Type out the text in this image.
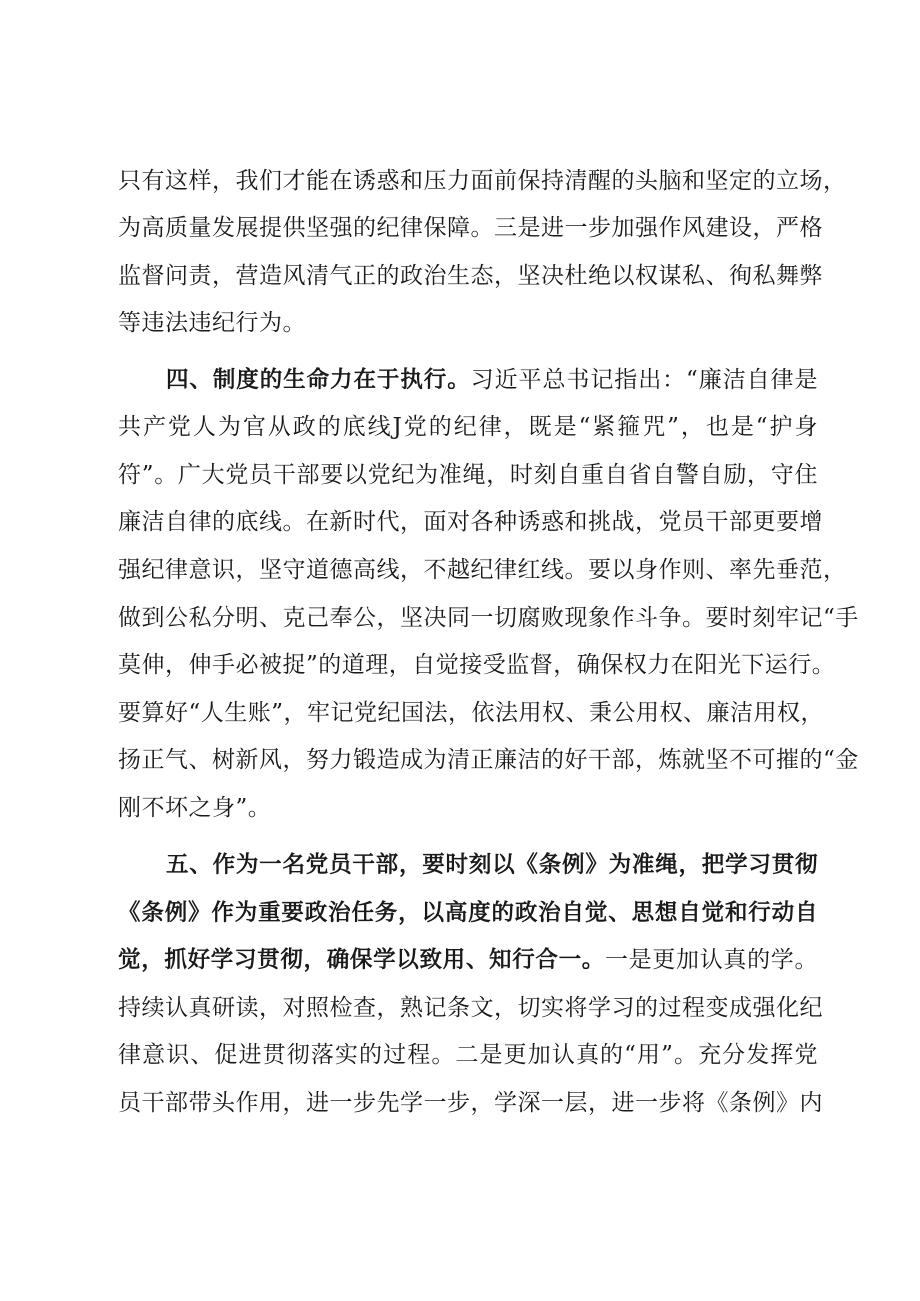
只有这样，我们才能在诱惑和压力面前保持清醒的头脑和坚定的立场，
为高质量发展提供坚强的纪律保障。三是进一步加强作风建设，严格
监督问责，营造风清气正的政治生态，坚决杜绝以权谋私、徇私舞弊
等违法违纪行为。
四、制度的生命力在于执行。习近平总书记指出：“廉洁自律是
共产党人为官从政的底线J党的纪律，既是“紧箍咒”，也是“护身
符”。广大党员干部要以党纪为准绳，时刻自重自省自警自励，守住
廉洁自律的底线。在新时代，面对各种诱惑和挑战，党员干部更要增
强纪律意识，坚守道德高线，不越纪律红线。要以身作则、率先垂范，
做到公私分明、克己奉公，坚决同一切腐败现象作斗争。要时刻牢记“手
莫伸，伸手必被捉”的道理，自觉接受监督，确保权力在阳光下运行。
要算好“人生账”，牢记党纪国法，依法用权、秉公用权、廉洁用权，
扬正气、树新风，努力锻造成为清正廉洁的好干部，炼就坚不可摧的“金
刚不坏之身”。
五、作为一名党员干部，要时刻以《条例》为准绳，把学习贯彻
《条例》作为重要政治任务，以高度的政治自觉、思想自觉和行动自
觉，抓好学习贯彻，确保学以致用、知行合一。一是更加认真的学。
持续认真研读，对照检查，熟记条文，切实将学习的过程变成强化纪
律意识、促进贯彻落实的过程。二是更加认真的“用”。充分发挥党
员干部带头作用，进一步先学一步，学深一层，进一步将《条例》内
